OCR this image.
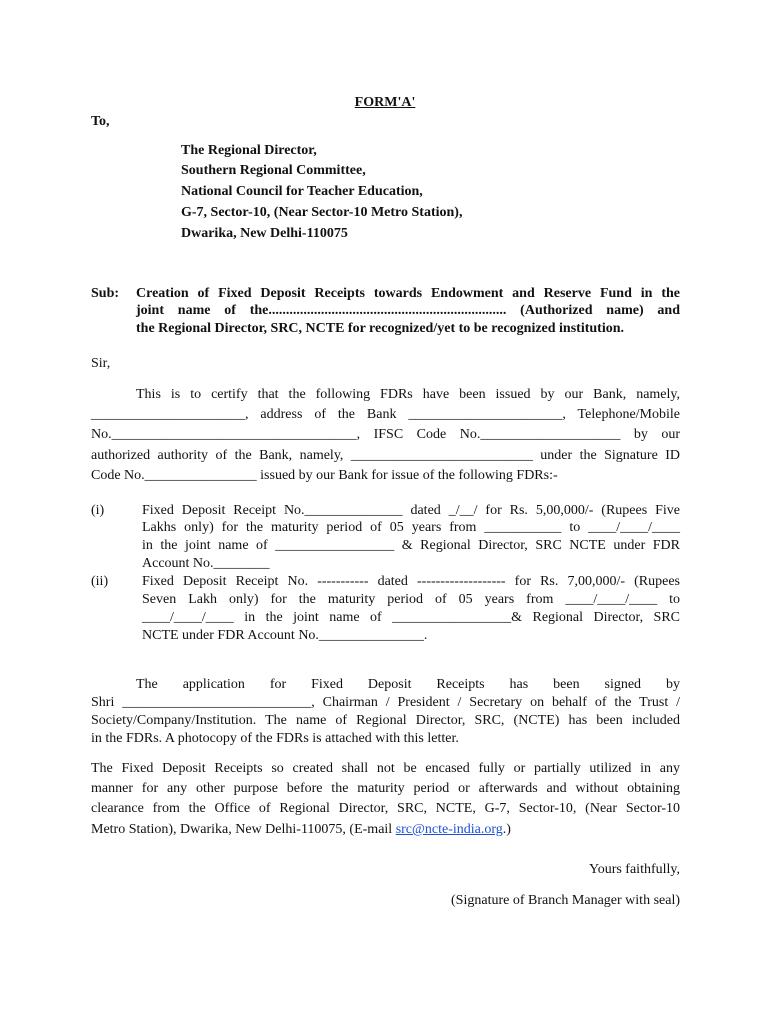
FORM'A'
To,
The Regional Director,
Southern Regional Committee,
National Council for Teacher Education,
G-7, Sector-10, (Near Sector-10 Metro Station),
Dwarika, New Delhi-110075
Sub: Creation of Fixed Deposit Receipts towards Endowment and Reserve Fund in the
joint name of the.................................................................... (Authorized name) and
the Regional Director, SRC, NCTE for recognized/yet to be recognized institution.
Sir,
This is to certify that the following FDRs have been issued by our Bank, namely,
______________________, address of the Bank ______________________, Telephone/Mobile
No.___________________________________, IFSC Code No.____________________ by our
authorized authority of the Bank, namely, __________________________ under the Signature ID
Code No.________________ issued by our Bank for issue of the following FDRs:-
(i)	Fixed Deposit Receipt No.______________ dated _/__/ for Rs. 5,00,000/- (Rupees Five
Lakhs only) for the maturity period of 05 years from ___________ to ____/____/____
in the joint name of _________________ & Regional Director, SRC NCTE under FDR
Account No.________
(ii) Fixed Deposit Receipt No. ----------- dated ------------------- for Rs. 7,00,000/- (Rupees
Seven Lakh only) for the maturity period of 05 years from ____/____/____ to
____/____/____ in the joint name of _________________& Regional Director, SRC
NCTE under FDR Account No._______________.
The application for Fixed Deposit Receipts has been signed by
Shri ___________________________, Chairman / President / Secretary on behalf of the Trust /
Society/Company/Institution. The name of Regional Director, SRC, (NCTE) has been included
in the FDRs. A photocopy of the FDRs is attached with this letter.
The Fixed Deposit Receipts so created shall not be encased fully or partially utilized in any
manner for any other purpose before the maturity period or afterwards and without obtaining
clearance from the Office of Regional Director, SRC, NCTE, G-7, Sector-10, (Near Sector-10
Metro Station), Dwarika, New Delhi-110075, (E-mail src@ncte-india.org.)
Yours faithfully,
(Signature of Branch Manager with seal)
